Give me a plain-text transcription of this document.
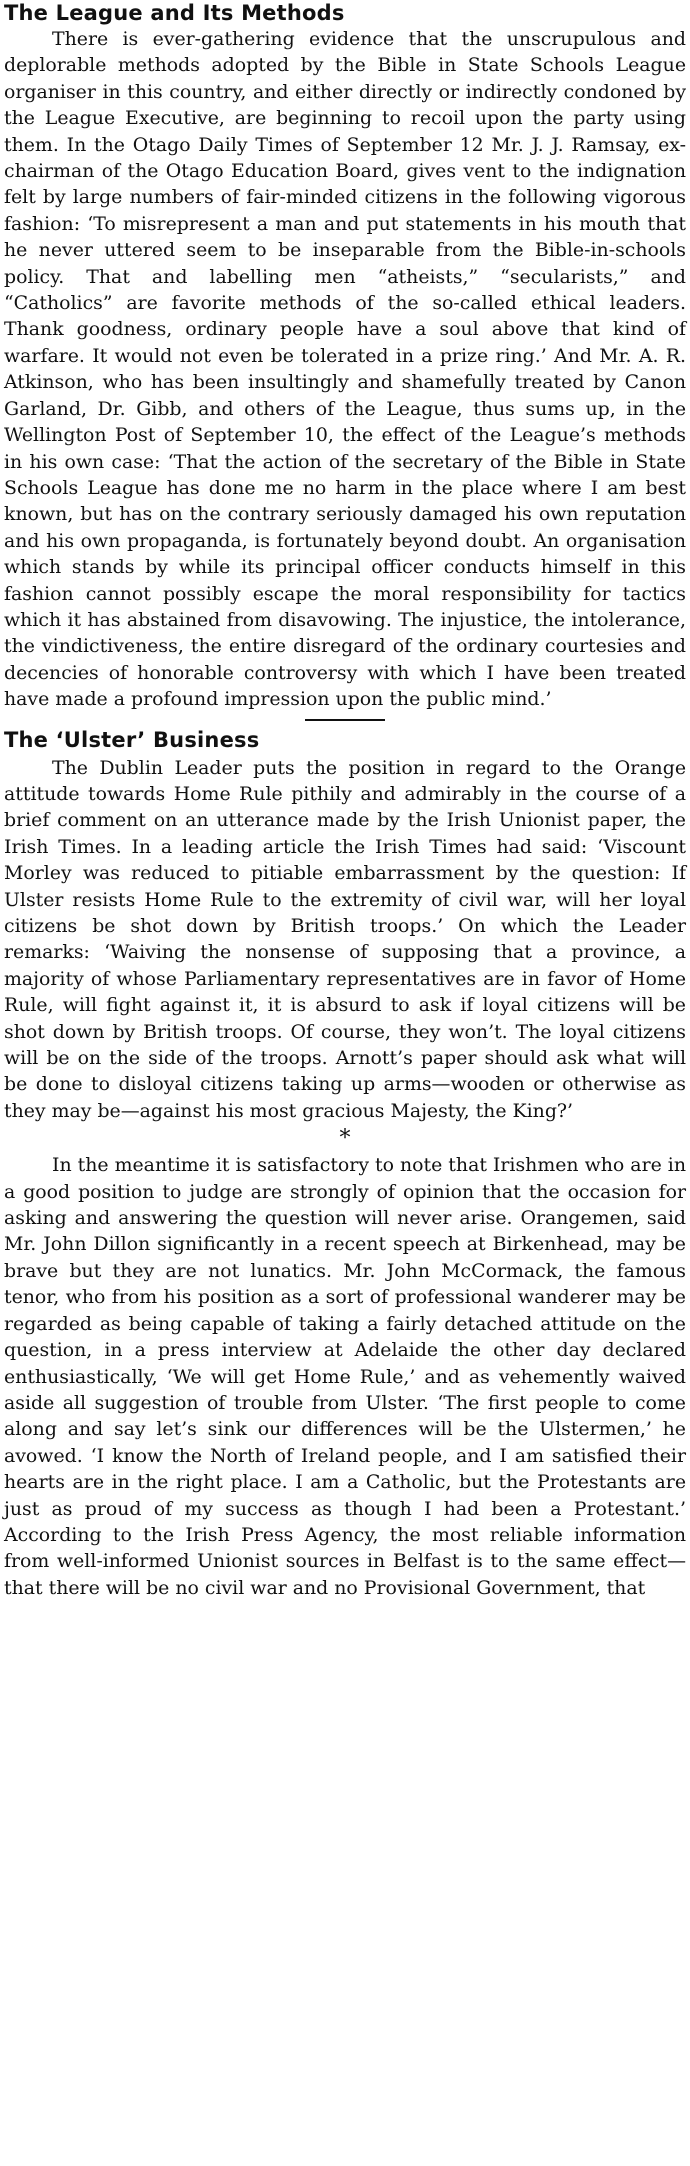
The League and Its Methods

There is ever-gathering evidence that the unscrupulous and deplorable methods adopted by the Bible in State Schools League organiser in this country, and either directly or indirectly condoned by the League Executive, are beginning to recoil upon the party using them. In the Otago Daily Times of September 12 Mr. J. J. Ramsay, ex-chairman of the Otago Education Board, gives vent to the indignation felt by large numbers of fair-minded citizens in the following vigorous fashion: ‘To misrepresent a man and put statements in his mouth that he never uttered seem to be inseparable from the Bible-in-schools policy. That and labelling men “atheists,” “secularists,” and “Catholics” are favorite methods of the so-called ethical leaders. Thank goodness, ordinary people have a soul above that kind of warfare. It would not even be tolerated in a prize ring.’ And Mr. A. R. Atkinson, who has been insultingly and shamefully treated by Canon Garland, Dr. Gibb, and others of the League, thus sums up, in the Wellington Post of September 10, the effect of the League’s methods in his own case: ‘That the action of the secretary of the Bible in State Schools League has done me no harm in the place where I am best known, but has on the contrary seriously damaged his own reputation and his own propaganda, is fortunately beyond doubt. An organisation which stands by while its principal officer conducts himself in this fashion cannot possibly escape the moral responsibility for tactics which it has abstained from disavowing. The injustice, the intolerance, the vindictiveness, the entire disregard of the ordinary courtesies and decencies of honorable controversy with which I have been treated have made a profound impression upon the public mind.’

The ‘Ulster’ Business

The Dublin Leader puts the position in regard to the Orange attitude towards Home Rule pithily and admirably in the course of a brief comment on an utterance made by the Irish Unionist paper, the Irish Times. In a leading article the Irish Times had said: ‘Viscount Morley was reduced to pitiable embarrassment by the question: If Ulster resists Home Rule to the extremity of civil war, will her loyal citizens be shot down by British troops.’ On which the Leader remarks: ‘Waiving the nonsense of supposing that a province, a majority of whose Parliamentary representatives are in favor of Home Rule, will fight against it, it is absurd to ask if loyal citizens will be shot down by British troops. Of course, they won’t. The loyal citizens will be on the side of the troops. Arnott’s paper should ask what will be done to disloyal citizens taking up arms—wooden or otherwise as they may be—against his most gracious Majesty, the King?’

*

In the meantime it is satisfactory to note that Irishmen who are in a good position to judge are strongly of opinion that the occasion for asking and answering the question will never arise. Orangemen, said Mr. John Dillon significantly in a recent speech at Birkenhead, may be brave but they are not lunatics. Mr. John McCormack, the famous tenor, who from his position as a sort of professional wanderer may be regarded as being capable of taking a fairly detached attitude on the question, in a press interview at Adelaide the other day declared enthusiastically, ‘We will get Home Rule,’ and as vehemently waived aside all suggestion of trouble from Ulster. ‘The first people to come along and say let’s sink our differences will be the Ulstermen,’ he avowed. ‘I know the North of Ireland people, and I am satisfied their hearts are in the right place. I am a Catholic, but the Protestants are just as proud of my success as though I had been a Protestant.’ According to the Irish Press Agency, the most reliable information from well-informed Unionist sources in Belfast is to the same effect—that there will be no civil war and no Provisional Government, that
